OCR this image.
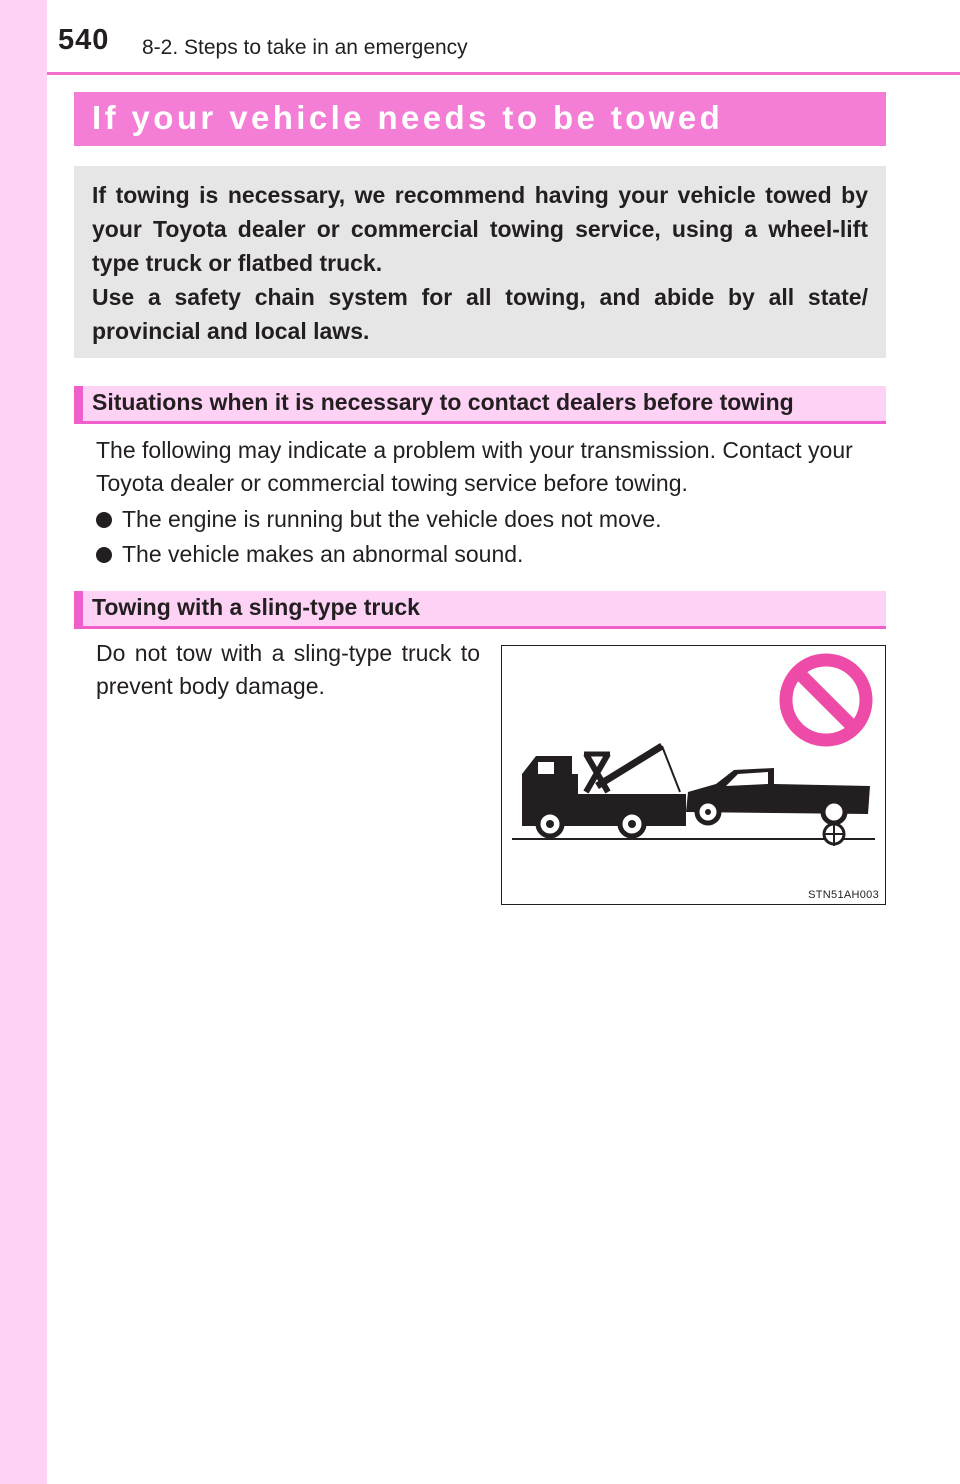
540 8-2. Steps to take in an emergency
If your vehicle needs to be towed

If towing is necessary, we recommend having your vehicle towed by your Toyota dealer or commercial towing service, using a wheel-lift type truck or flatbed truck.

Use a safety chain system for all towing, and abide by all state/ provincial and local laws.

Situations when it is necessary to contact dealers before towing

The following may indicate a problem with your transmission. Contact your Toyota dealer or commercial towing service before towing.

The engine is running but the vehicle does not move.

The vehicle makes an abnormal sound.

Towing with a sling-type truck

Do not tow with a sling-type truck to prevent body damage.

STN51AH003
